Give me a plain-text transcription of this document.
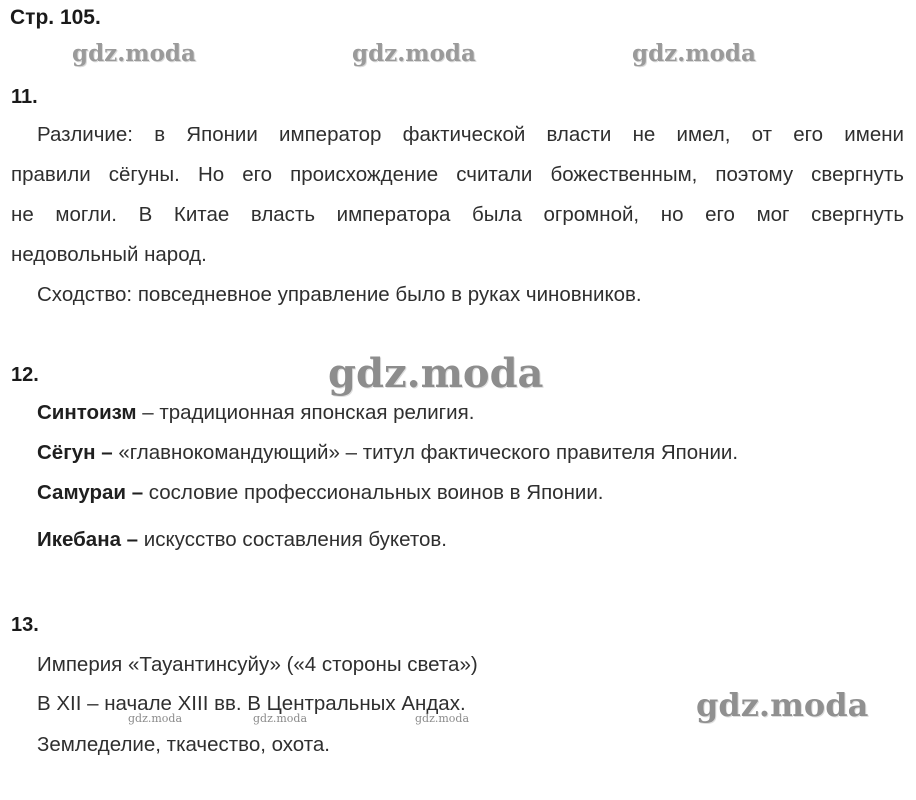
Стр. 105.
gdz.moda	gdz.moda	gdz.moda
11.
Различие: в Японии император фактической власти не имел, от его имени
правили сёгуны. Но его происхождение считали божественным, поэтому свергнуть
не могли. В Китае власть императора была огромной, но его мог свергнуть
недовольный народ.
Сходство: повседневное управление было в руках чиновников.
12.	gdz.moda
Синтоизм – традиционная японская религия.
Сёгун – «главнокомандующий» – титул фактического правителя Японии.
Самураи – сословие профессиональных воинов в Японии.
Икебана – искусство составления букетов.
13.
Империя «Тауантинсуйу» («4 стороны света»)
В XII – начале XIII вв. В Центральных Андах.
Земледелие, ткачество, охота.
gdz.moda
gdz.moda	gdz.moda	gdz.moda
